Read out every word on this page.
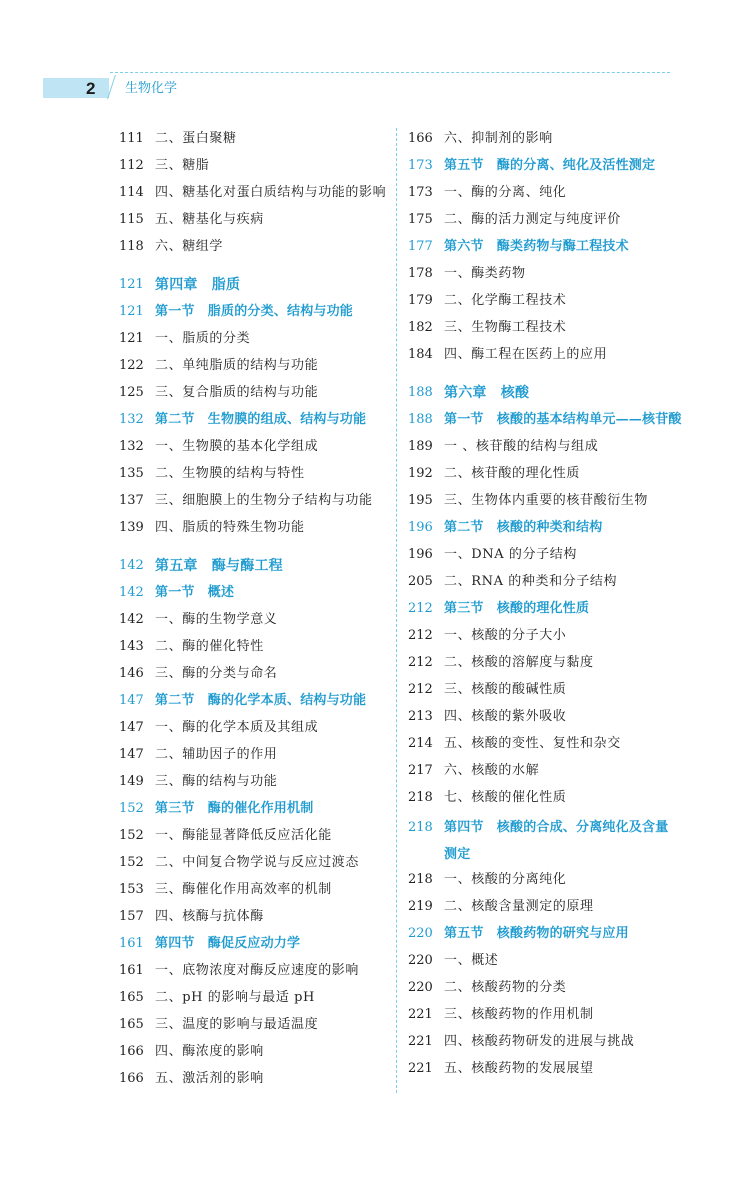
2 生物化学
111 二、蛋白聚糖
112 三、糖脂
114 四、糖基化对蛋白质结构与功能的影响
115 五、糖基化与疾病
118 六、糖组学
121 第四章　脂质
121 第一节　脂质的分类、结构与功能
121 一、脂质的分类
122 二、单纯脂质的结构与功能
125 三、复合脂质的结构与功能
132 第二节　生物膜的组成、结构与功能
132 一、生物膜的基本化学组成
135 二、生物膜的结构与特性
137 三、细胞膜上的生物分子结构与功能
139 四、脂质的特殊生物功能
142 第五章　酶与酶工程
142 第一节　概述
142 一、酶的生物学意义
143 二、酶的催化特性
146 三、酶的分类与命名
147 第二节　酶的化学本质、结构与功能
147 一、酶的化学本质及其组成
147 二、辅助因子的作用
149 三、酶的结构与功能
152 第三节　酶的催化作用机制
152 一、酶能显著降低反应活化能
152 二、中间复合物学说与反应过渡态
153 三、酶催化作用高效率的机制
157 四、核酶与抗体酶
161 第四节　酶促反应动力学
161 一、底物浓度对酶反应速度的影响
165 二、pH 的影响与最适 pH
165 三、温度的影响与最适温度
166 四、酶浓度的影响
166 五、激活剂的影响
166 六、抑制剂的影响
173 第五节　酶的分离、纯化及活性测定
173 一、酶的分离、纯化
175 二、酶的活力测定与纯度评价
177 第六节　酶类药物与酶工程技术
178 一、酶类药物
179 二、化学酶工程技术
182 三、生物酶工程技术
184 四、酶工程在医药上的应用
188 第六章　核酸
188 第一节　核酸的基本结构单元——核苷酸
189 一 、核苷酸的结构与组成
192 二、核苷酸的理化性质
195 三、生物体内重要的核苷酸衍生物
196 第二节　核酸的种类和结构
196 一、DNA 的分子结构
205 二、RNA 的种类和分子结构
212 第三节　核酸的理化性质
212 一、核酸的分子大小
212 二、核酸的溶解度与黏度
212 三、核酸的酸碱性质
213 四、核酸的紫外吸收
214 五、核酸的变性、复性和杂交
217 六、核酸的水解
218 七、核酸的催化性质
218 第四节　核酸的合成、分离纯化及含量测定
218 一、核酸的分离纯化
219 二、核酸含量测定的原理
220 第五节　核酸药物的研究与应用
220 一、概述
220 二、核酸药物的分类
221 三、核酸药物的作用机制
221 四、核酸药物研发的进展与挑战
221 五、核酸药物的发展展望
